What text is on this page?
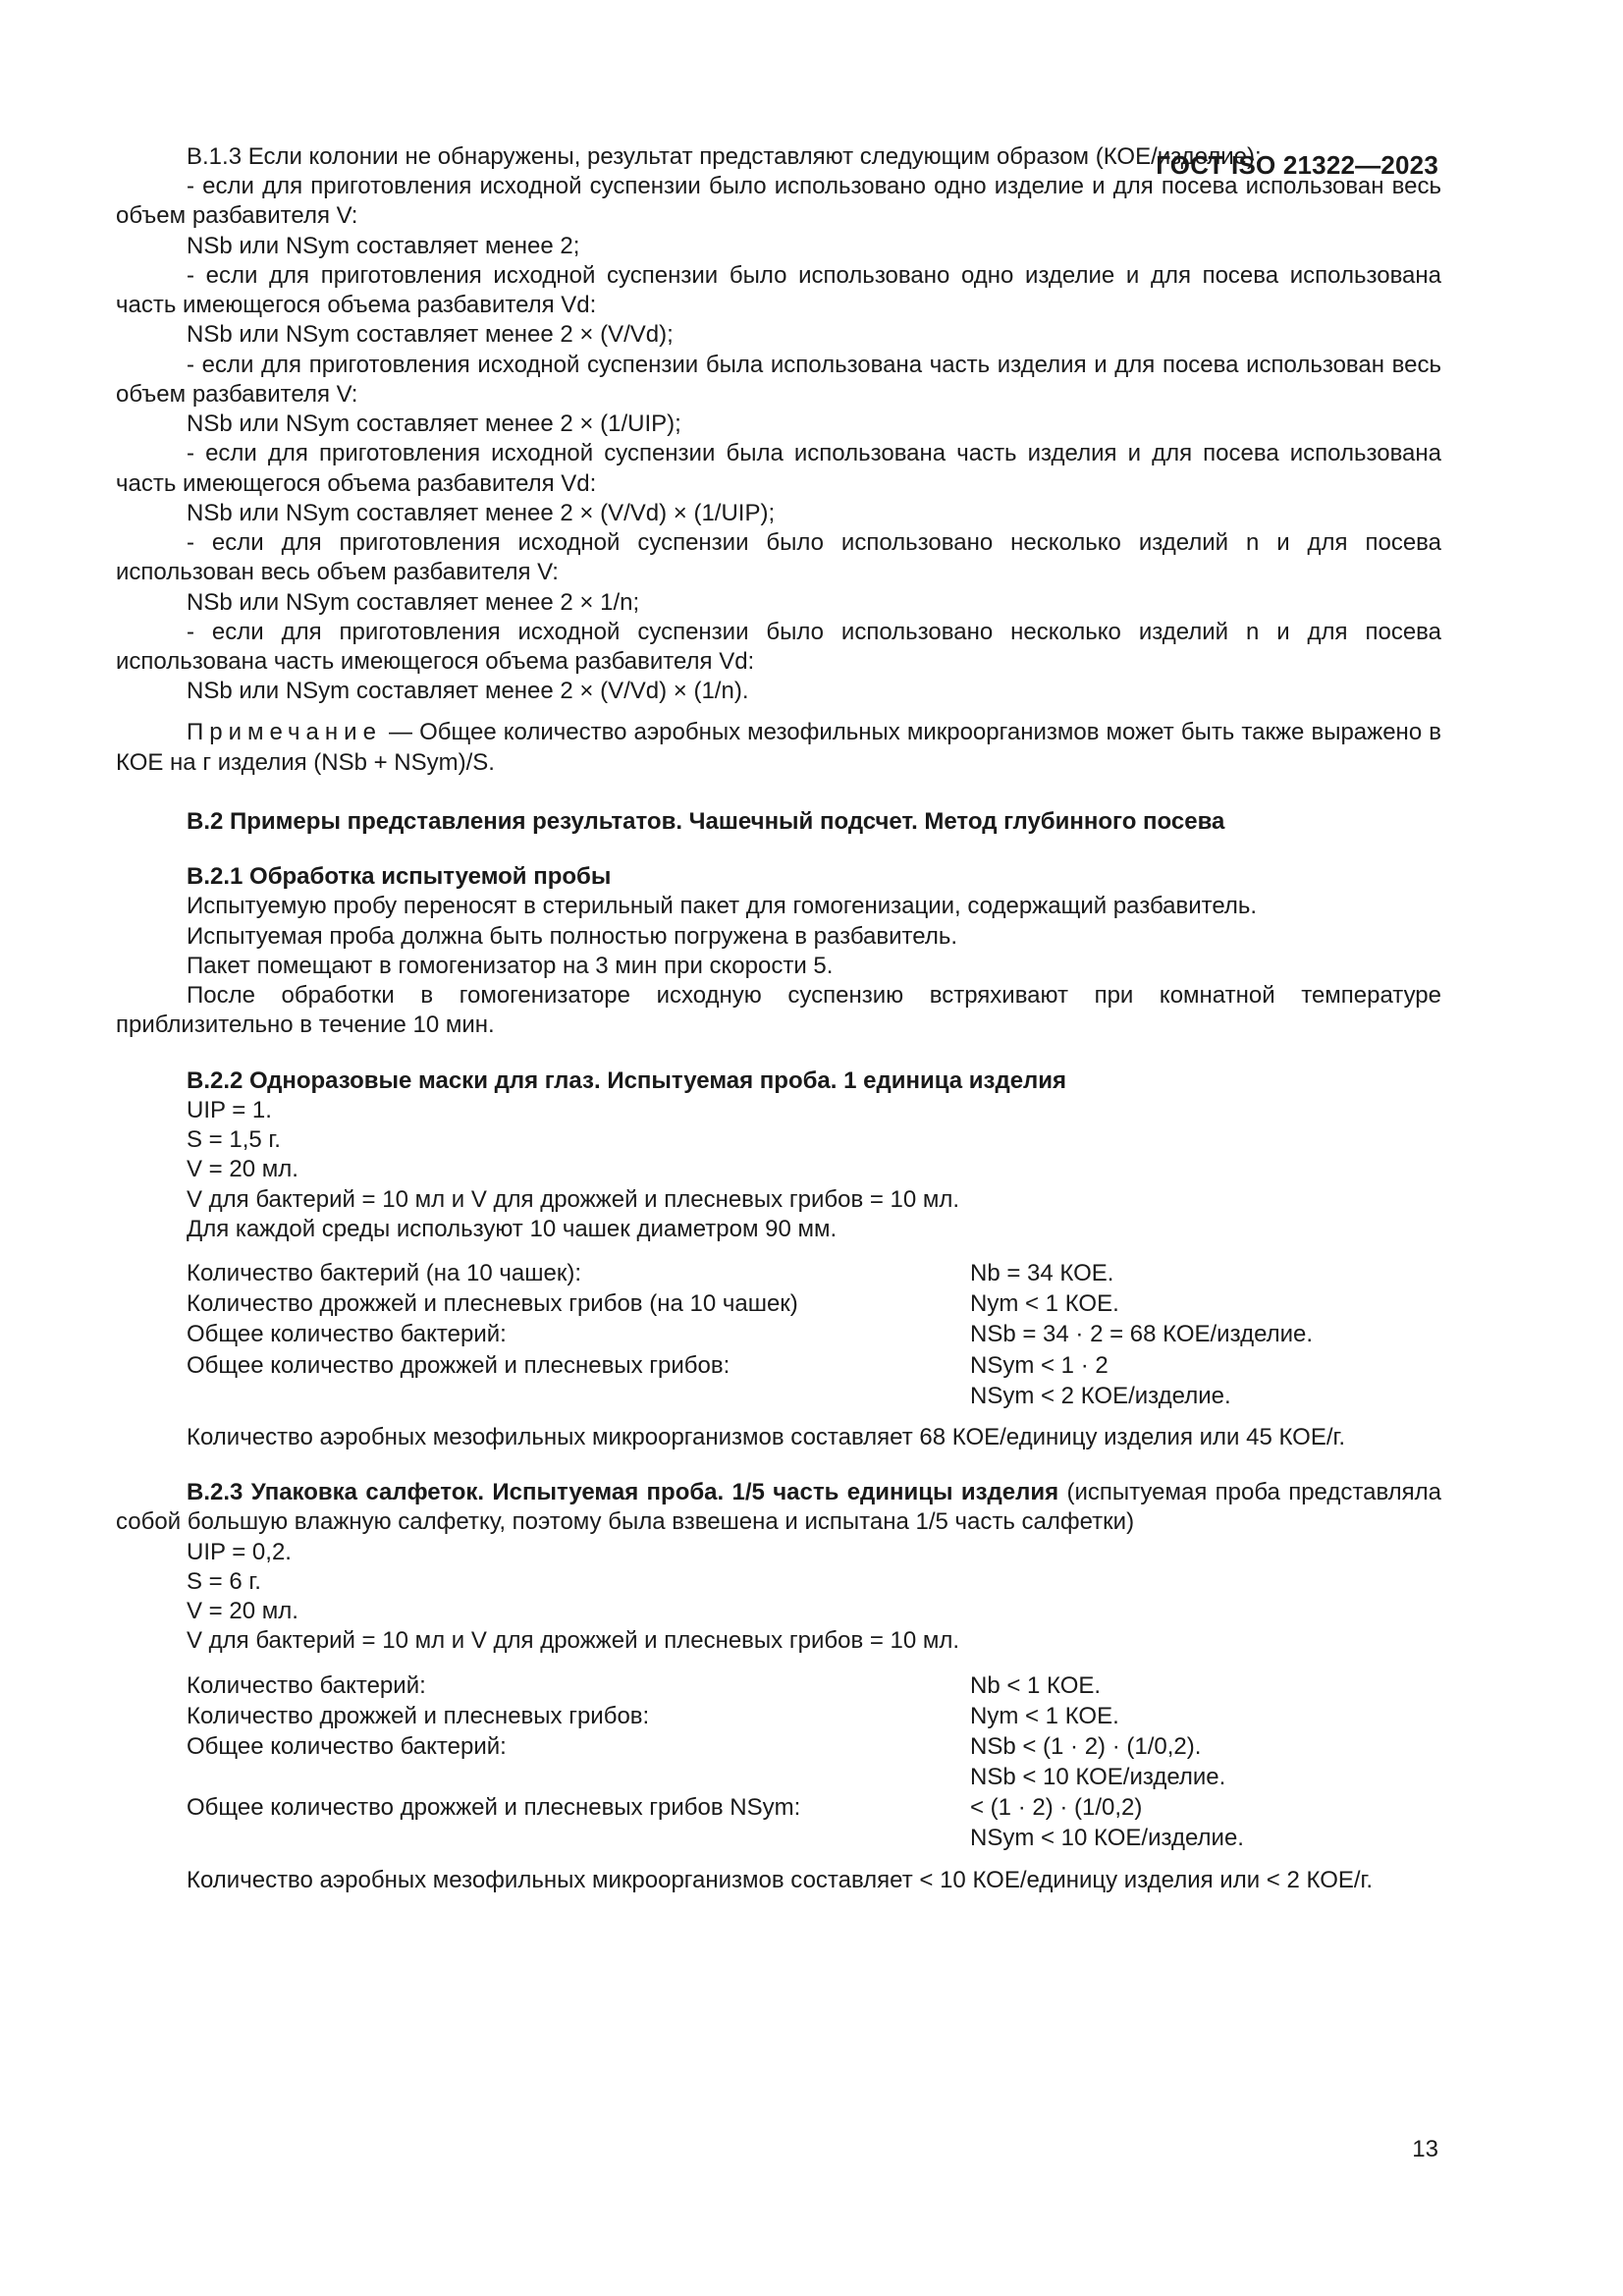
ГОСТ ISO 21322—2023

В.1.3 Если колонии не обнаружены, результат представляют следующим образом (КОЕ/изделие):

- если для приготовления исходной суспензии было использовано одно изделие и для посева использован весь объем разбавителя V:

NSb или NSym составляет менее 2;

- если для приготовления исходной суспензии было использовано одно изделие и для посева использована часть имеющегося объема разбавителя Vd:

NSb или NSym составляет менее 2 × (V/Vd);

- если для приготовления исходной суспензии была использована часть изделия и для посева использован весь объем разбавителя V:

NSb или NSym составляет менее 2 × (1/UIP);

- если для приготовления исходной суспензии была использована часть изделия и для посева использована часть имеющегося объема разбавителя Vd:

NSb или NSym составляет менее 2 × (V/Vd) × (1/UIP);

- если для приготовления исходной суспензии было использовано несколько изделий n и для посева использован весь объем разбавителя V:

NSb или NSym составляет менее 2 × 1/n;

- если для приготовления исходной суспензии было использовано несколько изделий n и для посева использована часть имеющегося объема разбавителя Vd:

NSb или NSym составляет менее 2 × (V/Vd) × (1/n).

Примечание — Общее количество аэробных мезофильных микроорганизмов может быть также выражено в КОЕ на г изделия (NSb + NSym)/S.

В.2 Примеры представления результатов. Чашечный подсчет. Метод глубинного посева

В.2.1 Обработка испытуемой пробы

Испытуемую пробу переносят в стерильный пакет для гомогенизации, содержащий разбавитель.

Испытуемая проба должна быть полностью погружена в разбавитель.

Пакет помещают в гомогенизатор на 3 мин при скорости 5.

После обработки в гомогенизаторе исходную суспензию встряхивают при комнатной температуре приблизительно в течение 10 мин.

В.2.2 Одноразовые маски для глаз. Испытуемая проба. 1 единица изделия

UIP = 1.

S = 1,5 г.

V = 20 мл.

V для бактерий = 10 мл и V для дрожжей и плесневых грибов = 10 мл.

Для каждой среды используют 10 чашек диаметром 90 мм.

Количество бактерий (на 10 чашек):	Nb = 34 КОЕ.
Количество дрожжей и плесневых грибов (на 10 чашек)	Nym < 1 КОЕ.
Общее количество бактерий:	NSb = 34 · 2 = 68 КОЕ/изделие.
Общее количество дрожжей и плесневых грибов:	NSym < 1 · 2
	NSym < 2 КОЕ/изделие.

Количество аэробных мезофильных микроорганизмов составляет 68 КОЕ/единицу изделия или 45 КОЕ/г.

В.2.3 Упаковка салфеток. Испытуемая проба. 1/5 часть единицы изделия (испытуемая проба представляла собой большую влажную салфетку, поэтому была взвешена и испытана 1/5 часть салфетки)

UIP = 0,2.

S = 6 г.

V = 20 мл.

V для бактерий = 10 мл и V для дрожжей и плесневых грибов = 10 мл.

Количество бактерий:	Nb < 1 КОЕ.
Количество дрожжей и плесневых грибов:	Nym < 1 КОЕ.
Общее количество бактерий:	NSb < (1 · 2) · (1/0,2).
	NSb < 10 КОЕ/изделие.
Общее количество дрожжей и плесневых грибов NSym:	< (1 · 2) · (1/0,2)
	NSym < 10 КОЕ/изделие.

Количество аэробных мезофильных микроорганизмов составляет < 10 КОЕ/единицу изделия или < 2 КОЕ/г.

13
